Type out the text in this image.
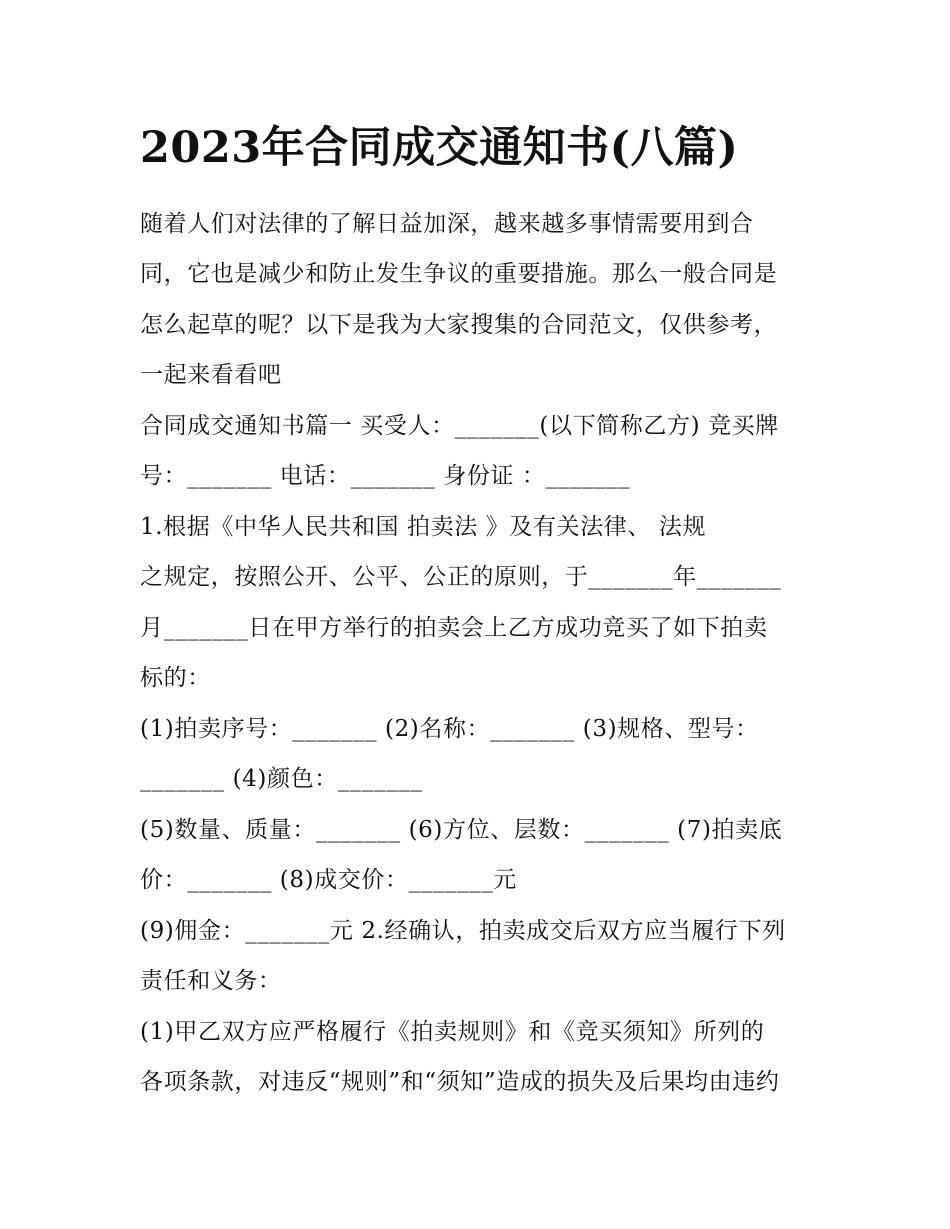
2023年合同成交通知书(八篇)
随着人们对法律的了解日益加深，越来越多事情需要用到合
同，它也是减少和防止发生争议的重要措施。那么一般合同是
怎么起草的呢？以下是我为大家搜集的合同范文，仅供参考，
一起来看看吧
合同成交通知书篇一 买受人：_______(以下简称乙方) 竞买牌
号：_______ 电话：_______ 身份证 ：_______
1.根据《中华人民共和国 拍卖法 》及有关法律、 法规
之规定，按照公开、公平、公正的原则，于_______年_______
月_______日在甲方举行的拍卖会上乙方成功竞买了如下拍卖
标的：
(1)拍卖序号：_______ (2)名称：_______ (3)规格、型号：
_______ (4)颜色：_______
(5)数量、质量：_______ (6)方位、层数：_______ (7)拍卖底
价：_______ (8)成交价：_______元
(9)佣金：_______元 2.经确认，拍卖成交后双方应当履行下列
责任和义务：
(1)甲乙双方应严格履行《拍卖规则》和《竞买须知》所列的
各项条款，对违反“规则”和“须知”造成的损失及后果均由违约
